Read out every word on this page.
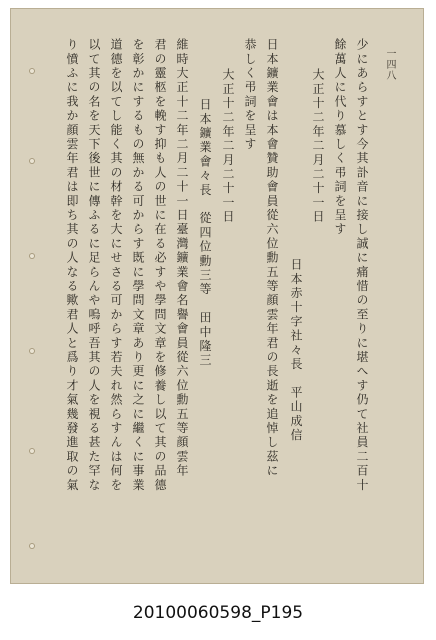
一四八
少にあらすとす今其訃音に接し誠に痛惜の至りに堪へす仍て社員二百十
餘萬人に代り慕しく弔詞を呈す
大正十二年二月二十一日
日本赤十字社々長　平山成信
日本鑛業會は本會贊助會員從六位勳五等顔雲年君の長逝を追悼し茲に
恭しく弔詞を呈す
大正十二年二月二十一日
日本鑛業會々長　從四位勳三等　田中隆三
維時大正十二年二月二十一日臺灣鑛業會名譽會員從六位勳五等顔雲年
君の靈柩を輓す抑も人の世に在る必すや學問文章を修養し以て其の品德
を彰かにするもの無かる可からす既に學問文章あり更に之に繼くに事業
道德を以てし能く其の材幹を大にせさる可からす若夫れ然らすんは何を
以て其の名を天下後世に傳ふるに足らんや嗚呼吾其の人を視る甚た罕な
り憤ふに我か顔雲年君は即ち其の人なる歟君人と爲り才氣幾發進取の氣
20100060598_P195
